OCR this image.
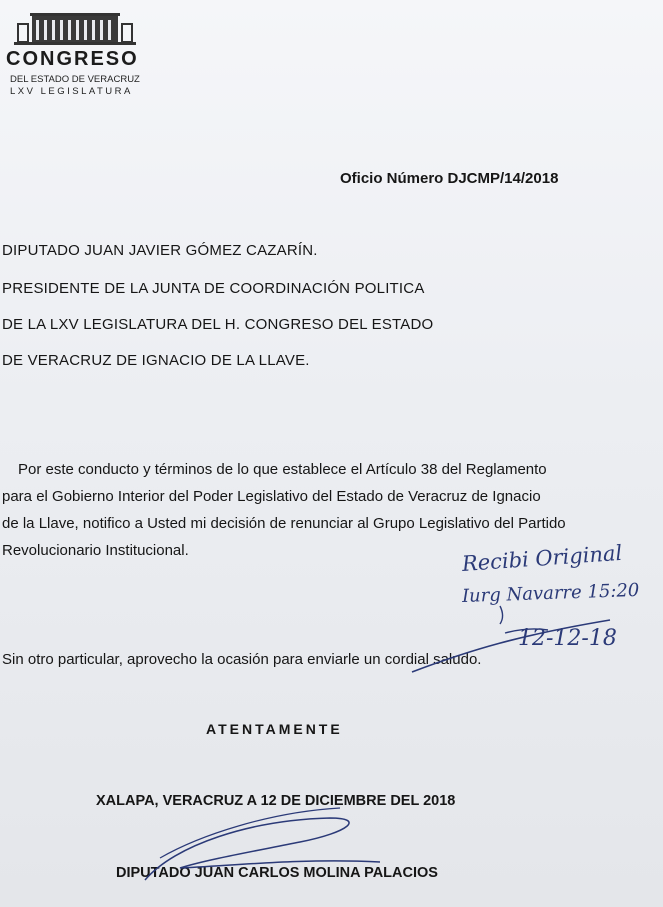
CONGRESO
DEL ESTADO DE VERACRUZ
LXV LEGISLATURA
Oficio Número DJCMP/14/2018
DIPUTADO JUAN JAVIER GÓMEZ CAZARÍN.
PRESIDENTE DE LA JUNTA DE COORDINACIÓN POLITICA
DE LA LXV LEGISLATURA DEL H. CONGRESO DEL ESTADO
DE VERACRUZ DE IGNACIO DE LA LLAVE.
Por este conducto y términos de lo que establece el Artículo 38 del Reglamento
para el Gobierno Interior del Poder Legislativo del Estado de Veracruz de Ignacio
de la Llave, notifico a Usted mi decisión de renunciar al Grupo Legislativo del Partido
Revolucionario Institucional.
Sin otro particular, aprovecho la ocasión para enviarle un cordial saludo.
ATENTAMENTE
XALAPA, VERACRUZ A 12 DE DICIEMBRE DEL 2018
DIPUTADO JUAN CARLOS MOLINA PALACIOS
Recibi Original
Iurg Navarre 15:20
12-12-18
